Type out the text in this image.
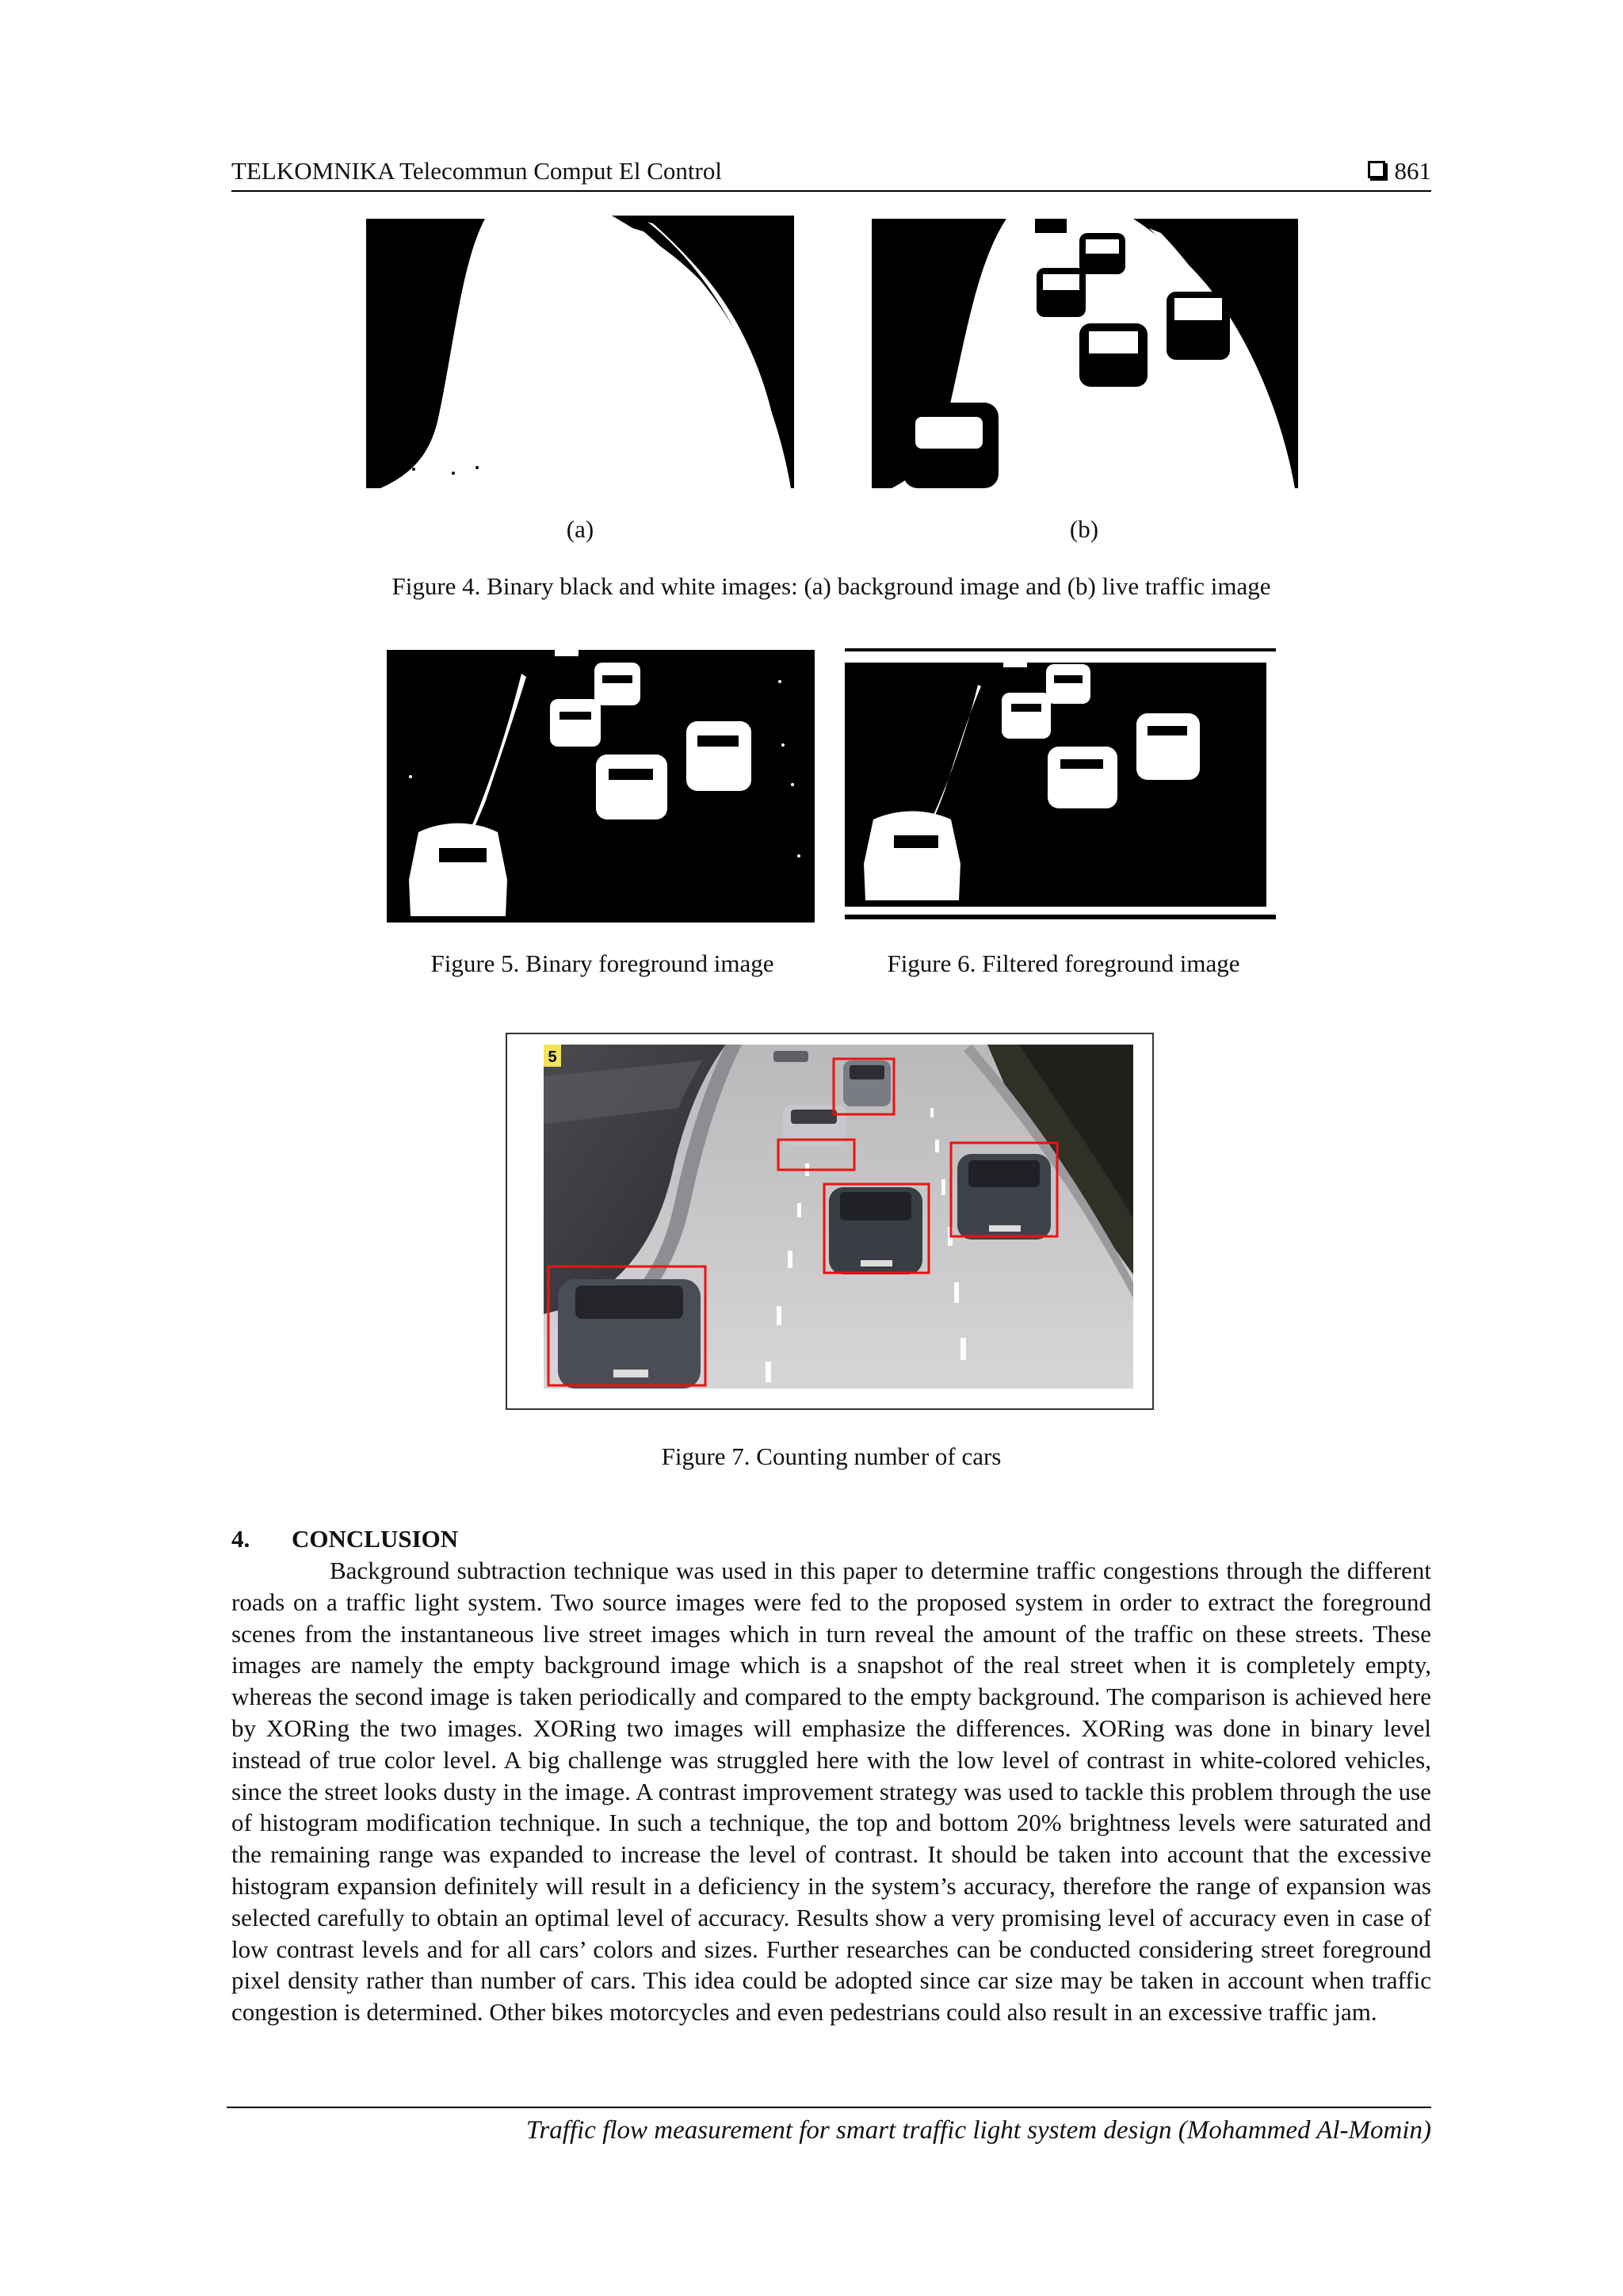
TELKOMNIKA Telecommun Comput El Control	861
(a)	(b)
Figure 4. Binary black and white images: (a) background image and (b) live traffic image
Figure 5. Binary foreground image	Figure 6. Filtered foreground image
5
Figure 7. Counting number of cars
4. CONCLUSION
Background subtraction technique was used in this paper to determine traffic congestions through the different roads on a traffic light system. Two source images were fed to the proposed system in order to extract the foreground scenes from the instantaneous live street images which in turn reveal the amount of the traffic on these streets. These images are namely the empty background image which is a snapshot of the real street when it is completely empty, whereas the second image is taken periodically and compared to the empty background. The comparison is achieved here by XORing the two images. XORing two images will emphasize the differences. XORing was done in binary level instead of true color level. A big challenge was struggled here with the low level of contrast in white-colored vehicles, since the street looks dusty in the image. A contrast improvement strategy was used to tackle this problem through the use of histogram modification technique. In such a technique, the top and bottom 20% brightness levels were saturated and the remaining range was expanded to increase the level of contrast. It should be taken into account that the excessive histogram expansion definitely will result in a deficiency in the system’s accuracy, therefore the range of expansion was selected carefully to obtain an optimal level of accuracy. Results show a very promising level of accuracy even in case of low contrast levels and for all cars’ colors and sizes. Further researches can be conducted considering street foreground pixel density rather than number of cars. This idea could be adopted since car size may be taken in account when traffic congestion is determined. Other bikes motorcycles and even pedestrians could also result in an excessive traffic jam.
Traffic flow measurement for smart traffic light system design (Mohammed Al-Momin)
